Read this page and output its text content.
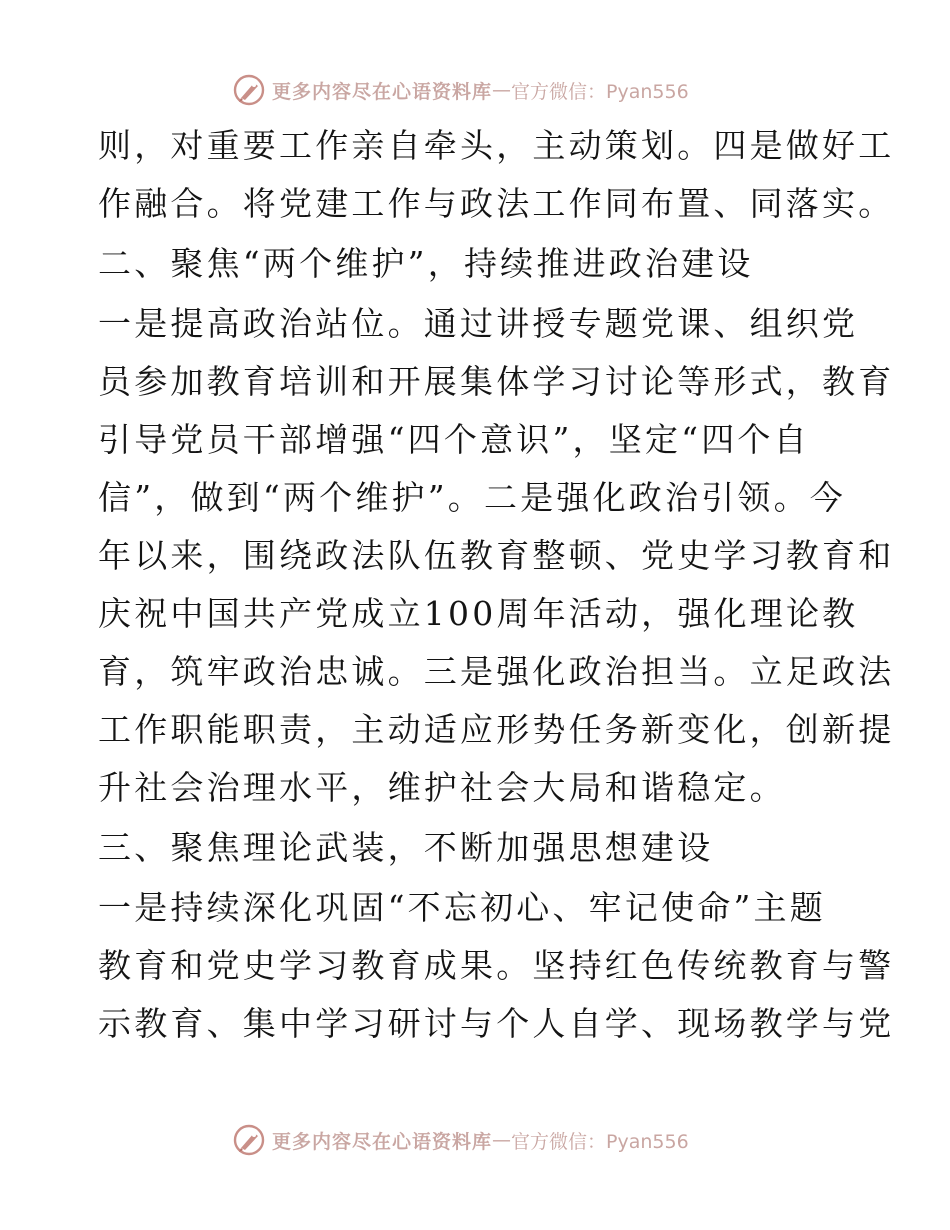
更多内容尽在心语资料库 — 官方微信：Pyan556
则，对重要工作亲自牵头，主动策划。四是做好工
作融合。将党建工作与政法工作同布置、同落实。
二、聚焦“两个维护”，持续推进政治建设
一是提高政治站位。通过讲授专题党课、组织党
员参加教育培训和开展集体学习讨论等形式，教育
引导党员干部增强“四个意识”，坚定“四个自
信”，做到“两个维护”。二是强化政治引领。今
年以来，围绕政法队伍教育整顿、党史学习教育和
庆祝中国共产党成立100周年活动，强化理论教
育，筑牢政治忠诚。三是强化政治担当。立足政法
工作职能职责，主动适应形势任务新变化，创新提
升社会治理水平，维护社会大局和谐稳定。
三、聚焦理论武装，不断加强思想建设
一是持续深化巩固“不忘初心、牢记使命”主题
教育和党史学习教育成果。坚持红色传统教育与警
示教育、集中学习研讨与个人自学、现场教学与党
更多内容尽在心语资料库 — 官方微信：Pyan556
